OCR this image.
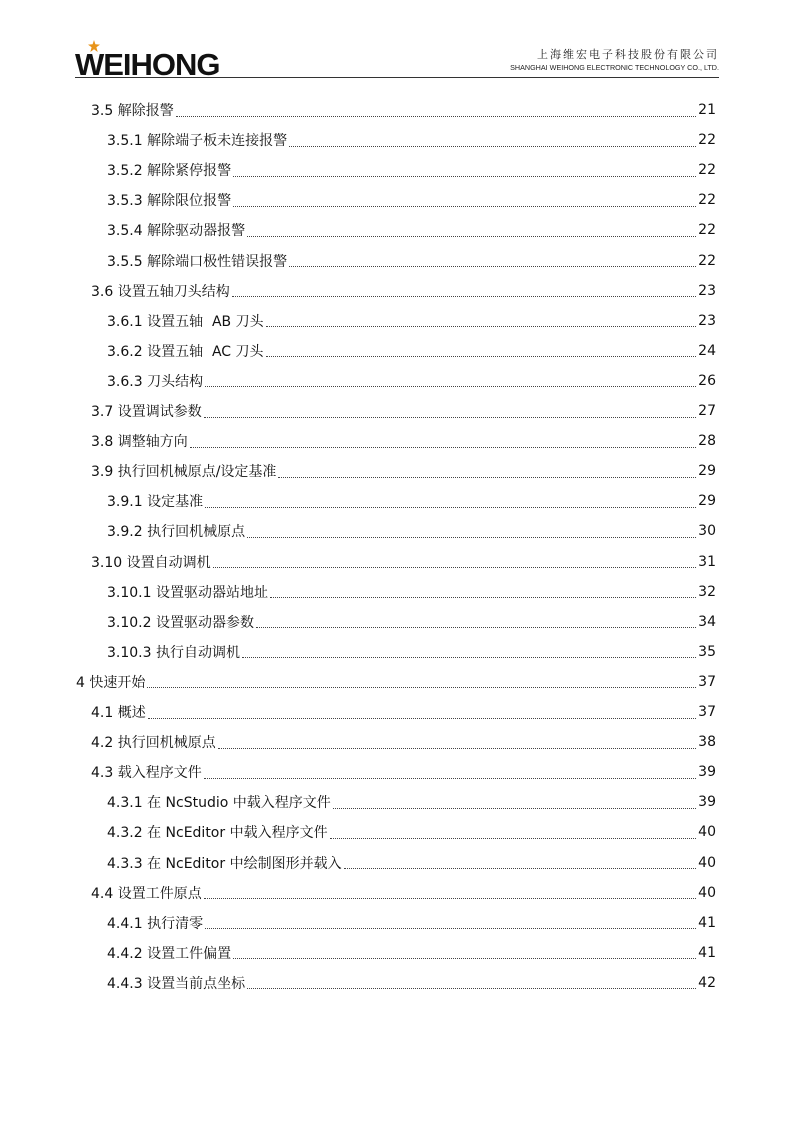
WEIHONG	上海维宏电子科技股份有限公司
SHANGHAI WEIHONG ELECTRONIC TECHNOLOGY CO., LTD.
3.5 解除报警	21
3.5.1 解除端子板未连接报警	22
3.5.2 解除紧停报警	22
3.5.3 解除限位报警	22
3.5.4 解除驱动器报警	22
3.5.5 解除端口极性错误报警	22
3.6 设置五轴刀头结构	23
3.6.1 设置五轴  AB 刀头	23
3.6.2 设置五轴  AC 刀头	24
3.6.3 刀头结构	26
3.7 设置调试参数	27
3.8 调整轴方向	28
3.9 执行回机械原点/设定基准	29
3.9.1 设定基准	29
3.9.2 执行回机械原点	30
3.10 设置自动调机	31
3.10.1 设置驱动器站地址	32
3.10.2 设置驱动器参数	34
3.10.3 执行自动调机	35
4 快速开始	37
4.1 概述	37
4.2 执行回机械原点	38
4.3 载入程序文件	39
4.3.1 在 NcStudio 中载入程序文件	39
4.3.2 在 NcEditor 中载入程序文件	40
4.3.3 在 NcEditor 中绘制图形并载入	40
4.4 设置工件原点	40
4.4.1 执行清零	41
4.4.2 设置工件偏置	41
4.4.3 设置当前点坐标	42
